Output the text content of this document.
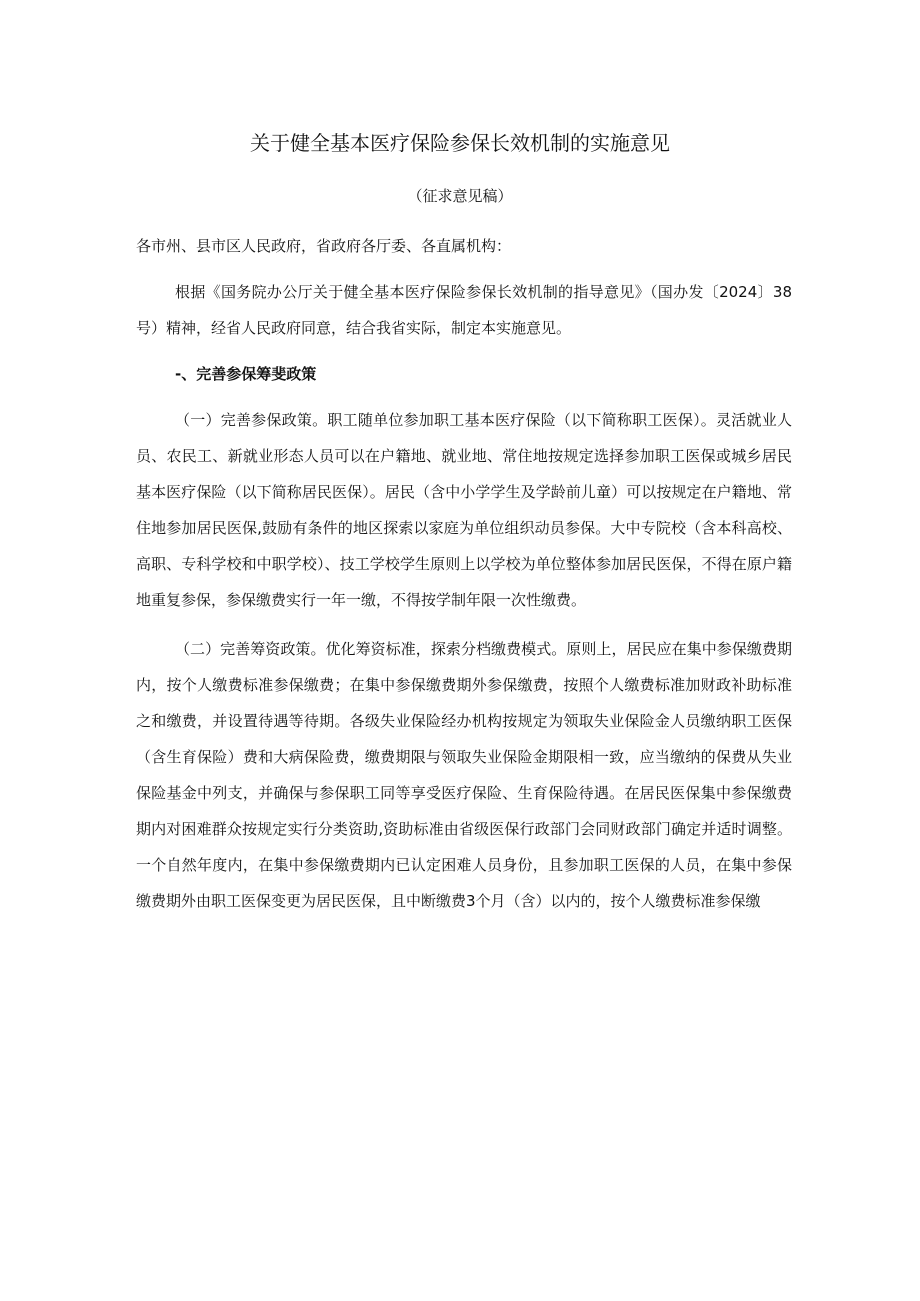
关于健全基本医疗保险参保长效机制的实施意见
（征求意见稿）

各市州、县市区人民政府，省政府各厅委、各直属机构：

根据《国务院办公厅关于健全基本医疗保险参保长效机制的指导意见》（国办发〔2024〕38号）精神，经省人民政府同意，结合我省实际，制定本实施意见。

-、完善参保筹斐政策

（一）完善参保政策。职工随单位参加职工基本医疗保险（以下简称职工医保）。灵活就业人员、农民工、新就业形态人员可以在户籍地、就业地、常住地按规定选择参加职工医保或城乡居民基本医疗保险（以下简称居民医保）。居民（含中小学学生及学龄前儿童）可以按规定在户籍地、常住地参加居民医保,鼓励有条件的地区探索以家庭为单位组织动员参保。大中专院校（含本科高校、高职、专科学校和中职学校）、技工学校学生原则上以学校为单位整体参加居民医保，不得在原户籍地重复参保，参保缴费实行一年一缴，不得按学制年限一次性缴费。

（二）完善筹资政策。优化筹资标准，探索分档缴费模式。原则上，居民应在集中参保缴费期内，按个人缴费标准参保缴费；在集中参保缴费期外参保缴费，按照个人缴费标准加财政补助标准之和缴费，并设置待遇等待期。各级失业保险经办机构按规定为领取失业保险金人员缴纳职工医保（含生育保险）费和大病保险费，缴费期限与领取失业保险金期限相一致，应当缴纳的保费从失业保险基金中列支，并确保与参保职工同等享受医疗保险、生育保险待遇。在居民医保集中参保缴费期内对困难群众按规定实行分类资助,资助标准由省级医保行政部门会同财政部门确定并适时调整。一个自然年度内，在集中参保缴费期内已认定困难人员身份，且参加职工医保的人员，在集中参保缴费期外由职工医保变更为居民医保，且中断缴费3个月（含）以内的，按个人缴费标准参保缴
